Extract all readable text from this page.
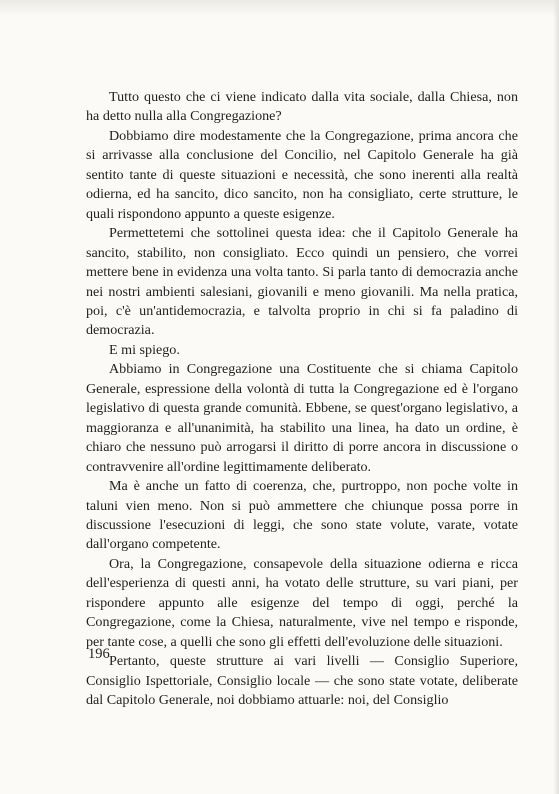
Tutto questo che ci viene indicato dalla vita sociale, dalla Chiesa, non ha detto nulla alla Congregazione?

Dobbiamo dire modestamente che la Congregazione, prima ancora che si arrivasse alla conclusione del Concilio, nel Capitolo Generale ha già sentito tante di queste situazioni e necessità, che sono inerenti alla realtà odierna, ed ha sancito, dico sancito, non ha consigliato, certe strutture, le quali rispondono appunto a queste esigenze.

Permettetemi che sottolinei questa idea: che il Capitolo Generale ha sancito, stabilito, non consigliato. Ecco quindi un pensiero, che vorrei mettere bene in evidenza una volta tanto. Si parla tanto di democrazia anche nei nostri ambienti salesiani, giovanili e meno giovanili. Ma nella pratica, poi, c'è un'antidemocrazia, e talvolta proprio in chi si fa paladino di democrazia.

E mi spiego.

Abbiamo in Congregazione una Costituente che si chiama Capitolo Generale, espressione della volontà di tutta la Congregazione ed è l'organo legislativo di questa grande comunità. Ebbene, se quest'organo legislativo, a maggioranza e all'unanimità, ha stabilito una linea, ha dato un ordine, è chiaro che nessuno può arrogarsi il diritto di porre ancora in discussione o contravvenire all'ordine legittimamente deliberato.

Ma è anche un fatto di coerenza, che, purtroppo, non poche volte in taluni vien meno. Non si può ammettere che chiunque possa porre in discussione l'esecuzioni di leggi, che sono state volute, varate, votate dall'organo competente.

Ora, la Congregazione, consapevole della situazione odierna e ricca dell'esperienza di questi anni, ha votato delle strutture, su vari piani, per rispondere appunto alle esigenze del tempo di oggi, perché la Congregazione, come la Chiesa, naturalmente, vive nel tempo e risponde, per tante cose, a quelli che sono gli effetti dell'evoluzione delle situazioni.

Pertanto, queste strutture ai vari livelli — Consiglio Superiore, Consiglio Ispettoriale, Consiglio locale — che sono state votate, deliberate dal Capitolo Generale, noi dobbiamo attuarle: noi, del Consiglio

196
